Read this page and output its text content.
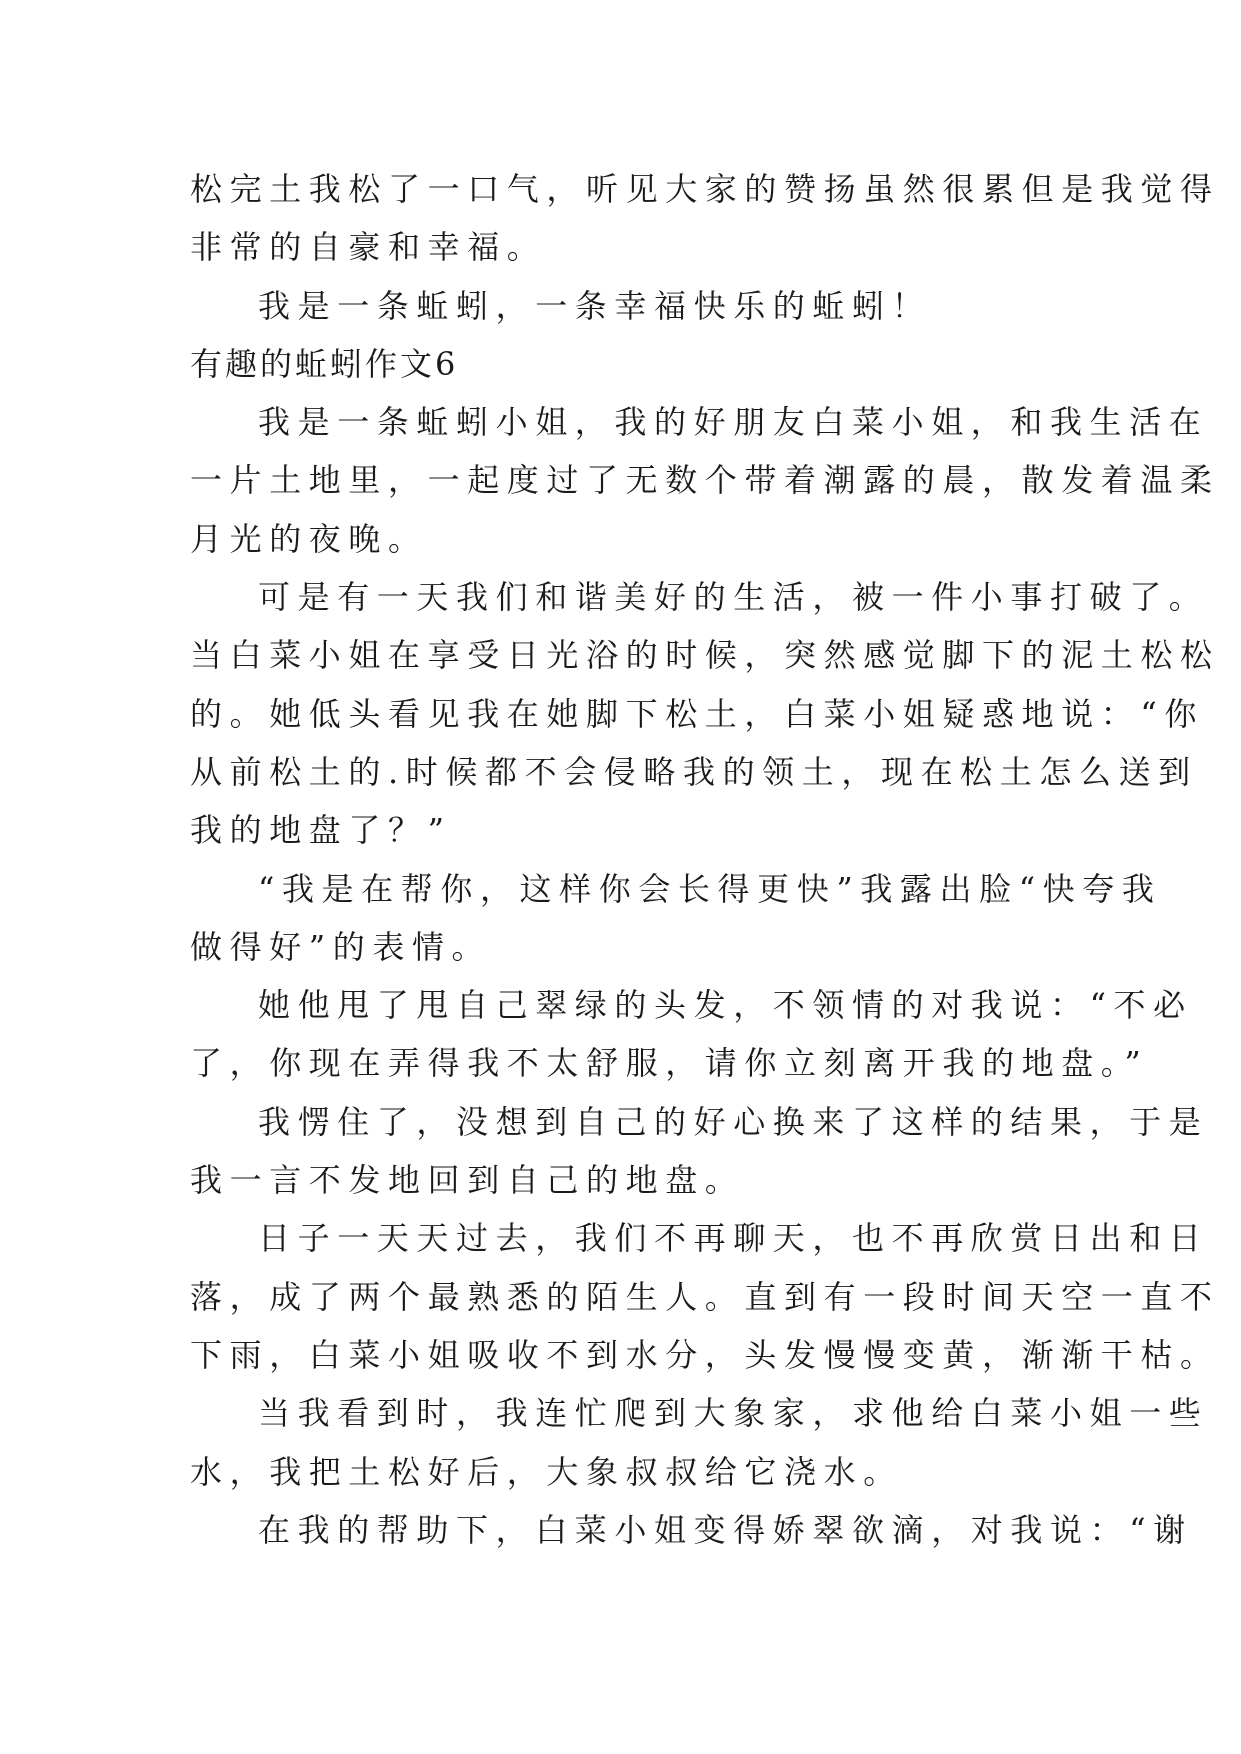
松完土我松了一口气，听见大家的赞扬虽然很累但是我觉得
非常的自豪和幸福。
我是一条蚯蚓，一条幸福快乐的蚯蚓！
有趣的蚯蚓作文6
我是一条蚯蚓小姐，我的好朋友白菜小姐，和我生活在
一片土地里，一起度过了无数个带着潮露的晨，散发着温柔
月光的夜晚。
可是有一天我们和谐美好的生活，被一件小事打破了。
当白菜小姐在享受日光浴的时候，突然感觉脚下的泥土松松
的。她低头看见我在她脚下松土，白菜小姐疑惑地说：“你
从前松土的.时候都不会侵略我的领土，现在松土怎么送到
我的地盘了？”
“我是在帮你，这样你会长得更快”我露出脸“快夸我
做得好”的表情。
她他甩了甩自己翠绿的头发，不领情的对我说：“不必
了，你现在弄得我不太舒服，请你立刻离开我的地盘。”
我愣住了，没想到自己的好心换来了这样的结果，于是
我一言不发地回到自己的地盘。
日子一天天过去，我们不再聊天，也不再欣赏日出和日
落，成了两个最熟悉的陌生人。直到有一段时间天空一直不
下雨，白菜小姐吸收不到水分，头发慢慢变黄，渐渐干枯。
当我看到时，我连忙爬到大象家，求他给白菜小姐一些
水，我把土松好后，大象叔叔给它浇水。
在我的帮助下，白菜小姐变得娇翠欲滴，对我说：“谢
